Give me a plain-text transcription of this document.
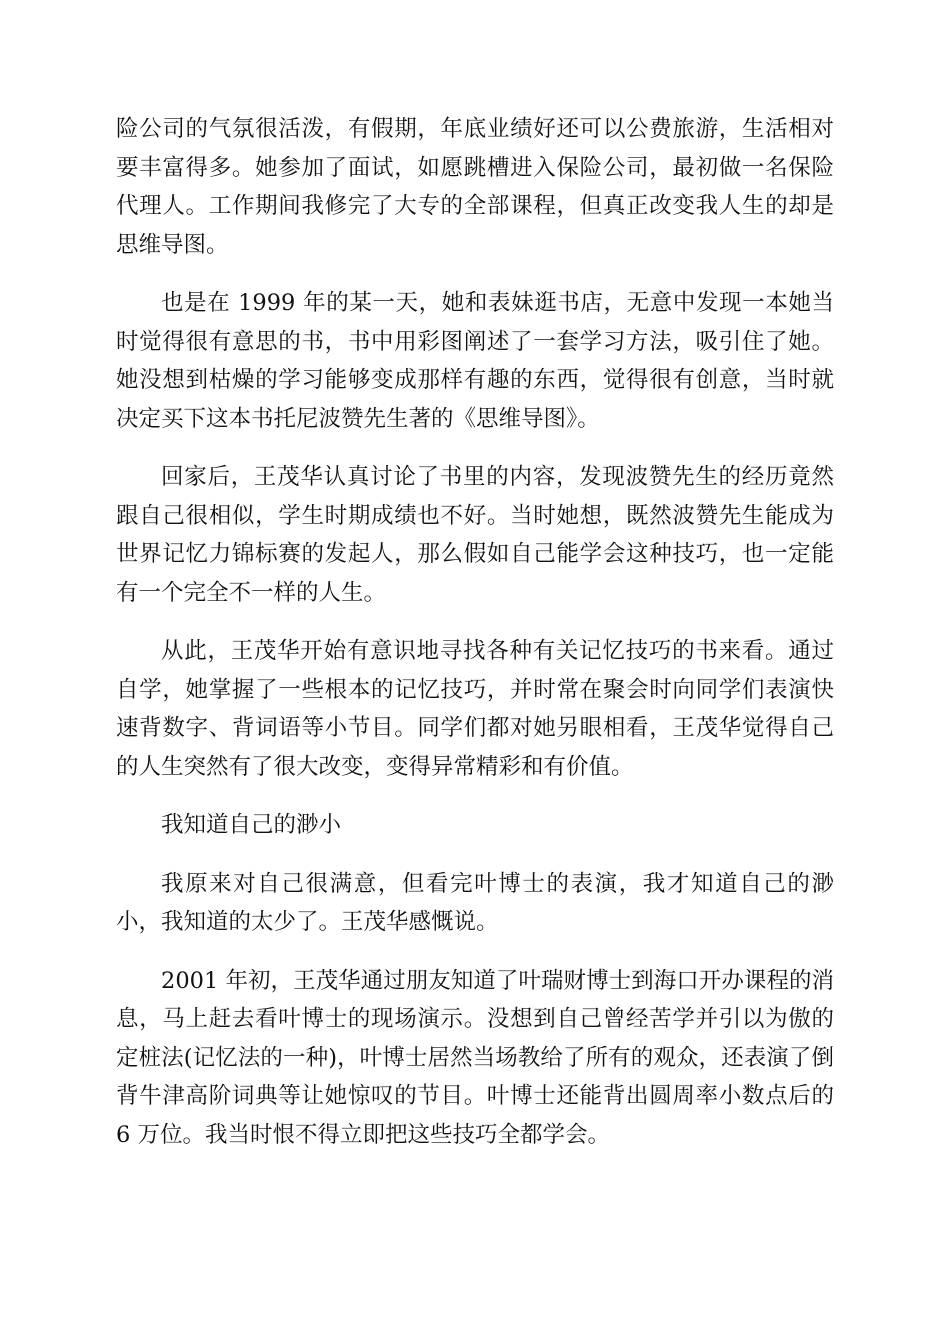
险公司的气氛很活泼，有假期，年底业绩好还可以公费旅游，生活相对要丰富得多。她参加了面试，如愿跳槽进入保险公司，最初做一名保险代理人。工作期间我修完了大专的全部课程，但真正改变我人生的却是思维导图。

也是在 1999 年的某一天，她和表妹逛书店，无意中发现一本她当时觉得很有意思的书，书中用彩图阐述了一套学习方法，吸引住了她。她没想到枯燥的学习能够变成那样有趣的东西，觉得很有创意，当时就决定买下这本书托尼波赞先生著的《思维导图》。

回家后，王茂华认真讨论了书里的内容，发现波赞先生的经历竟然跟自己很相似，学生时期成绩也不好。当时她想，既然波赞先生能成为世界记忆力锦标赛的发起人，那么假如自己能学会这种技巧，也一定能有一个完全不一样的人生。

从此，王茂华开始有意识地寻找各种有关记忆技巧的书来看。通过自学，她掌握了一些根本的记忆技巧，并时常在聚会时向同学们表演快速背数字、背词语等小节目。同学们都对她另眼相看，王茂华觉得自己的人生突然有了很大改变，变得异常精彩和有价值。

我知道自己的渺小

我原来对自己很满意，但看完叶博士的表演，我才知道自己的渺小，我知道的太少了。王茂华感慨说。

2001 年初，王茂华通过朋友知道了叶瑞财博士到海口开办课程的消息，马上赶去看叶博士的现场演示。没想到自己曾经苦学并引以为傲的定桩法(记忆法的一种)，叶博士居然当场教给了所有的观众，还表演了倒背牛津高阶词典等让她惊叹的节目。叶博士还能背出圆周率小数点后的 6 万位。我当时恨不得立即把这些技巧全都学会。
